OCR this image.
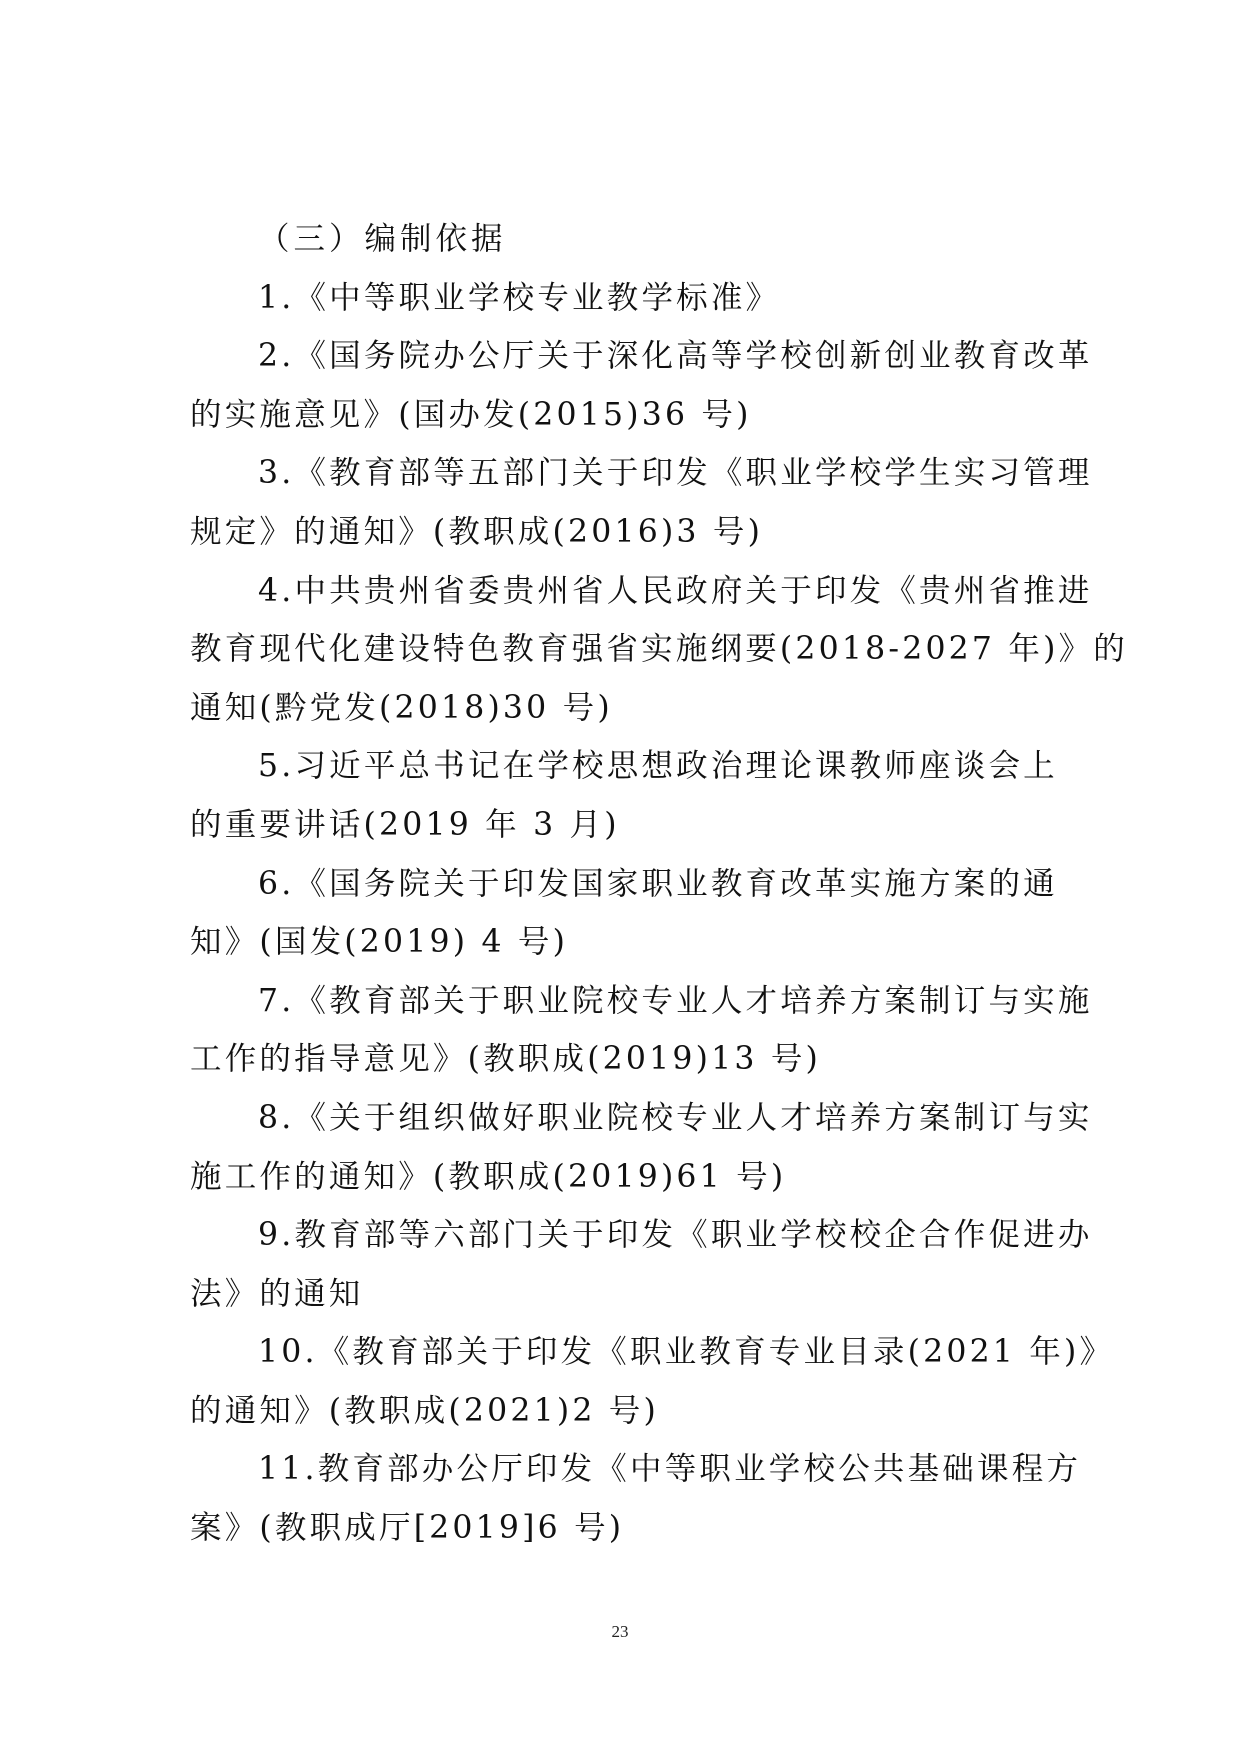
（三）编制依据
1.《中等职业学校专业教学标准》
2.《国务院办公厅关于深化高等学校创新创业教育改革
的实施意见》(国办发(2015)36 号)
3.《教育部等五部门关于印发《职业学校学生实习管理
规定》的通知》(教职成(2016)3 号)
4.中共贵州省委贵州省人民政府关于印发《贵州省推进
教育现代化建设特色教育强省实施纲要(2018-2027 年)》的
通知(黔党发(2018)30 号)
5.习近平总书记在学校思想政治理论课教师座谈会上
的重要讲话(2019 年 3 月)
6.《国务院关于印发国家职业教育改革实施方案的通
知》(国发(2019) 4 号)
7.《教育部关于职业院校专业人才培养方案制订与实施
工作的指导意见》(教职成(2019)13 号)
8.《关于组织做好职业院校专业人才培养方案制订与实
施工作的通知》(教职成(2019)61 号)
9.教育部等六部门关于印发《职业学校校企合作促进办
法》的通知
10.《教育部关于印发《职业教育专业目录(2021 年)》
的通知》(教职成(2021)2 号)
11.教育部办公厅印发《中等职业学校公共基础课程方
案》(教职成厅[2019]6 号)
23
